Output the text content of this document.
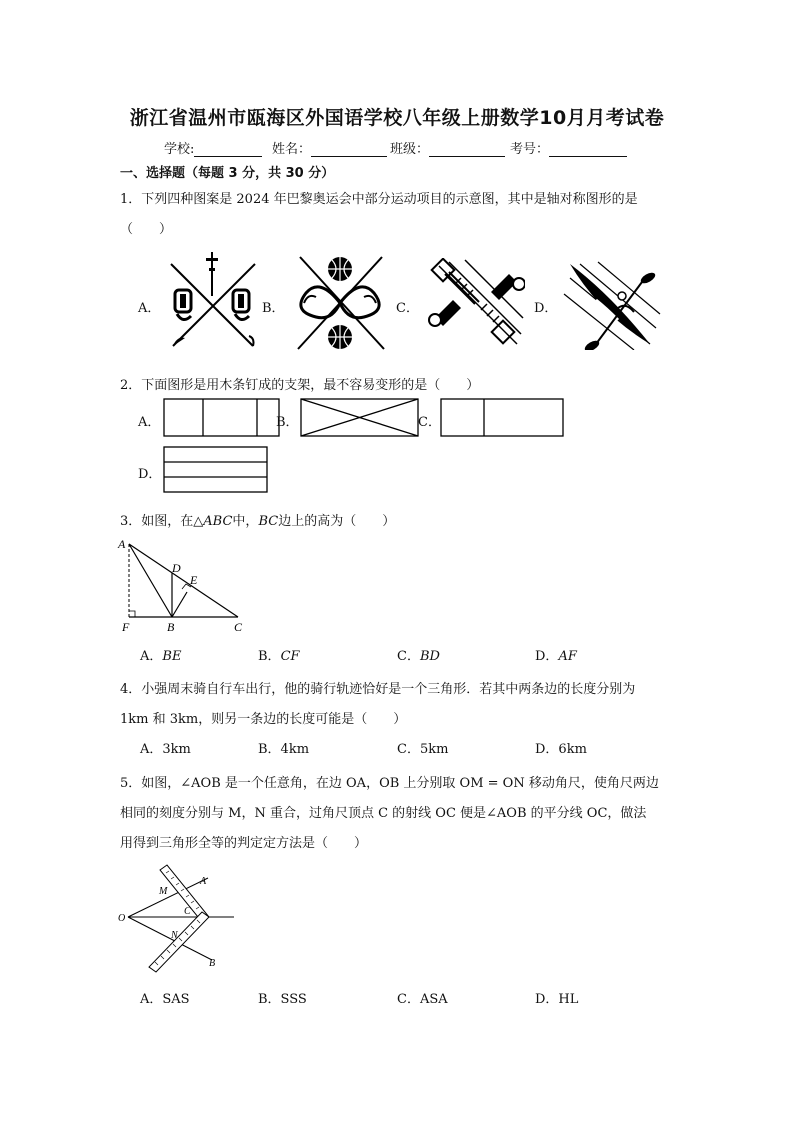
浙江省温州市瓯海区外国语学校八年级上册数学10月月考试卷
学校:	姓名：	班级：	考号：
一、选择题（每题 3 分，共 30 分）
1．下列四种图案是 2024 年巴黎奥运会中部分运动项目的示意图，其中是轴对称图形的是
（　　）
A．	B．	C．	D．
2．下面图形是用木条钉成的支架，最不容易变形的是（　　）
A．	B．	C．
D．
3．如图，在△ABC中，BC边上的高为（　　）
A
D
E
F	B	C
A．BE	B．CF	C．BD	D．AF
4．小强周末骑自行车出行，他的骑行轨迹恰好是一个三角形．若其中两条边的长度分别为
1km 和 3km，则另一条边的长度可能是（　　）
A．3km	B．4km	C．5km	D．6km
5．如图，∠AOB 是一个任意角，在边 OA，OB 上分别取 OM = ON 移动角尺，使角尺两边
相同的刻度分别与 M，N 重合，过角尺顶点 C 的射线 OC 便是∠AOB 的平分线 OC，做法
用得到三角形全等的判定定方法是（　　）
A
M
O
C
N
B
A．SAS	B．SSS	C．ASA	D．HL
